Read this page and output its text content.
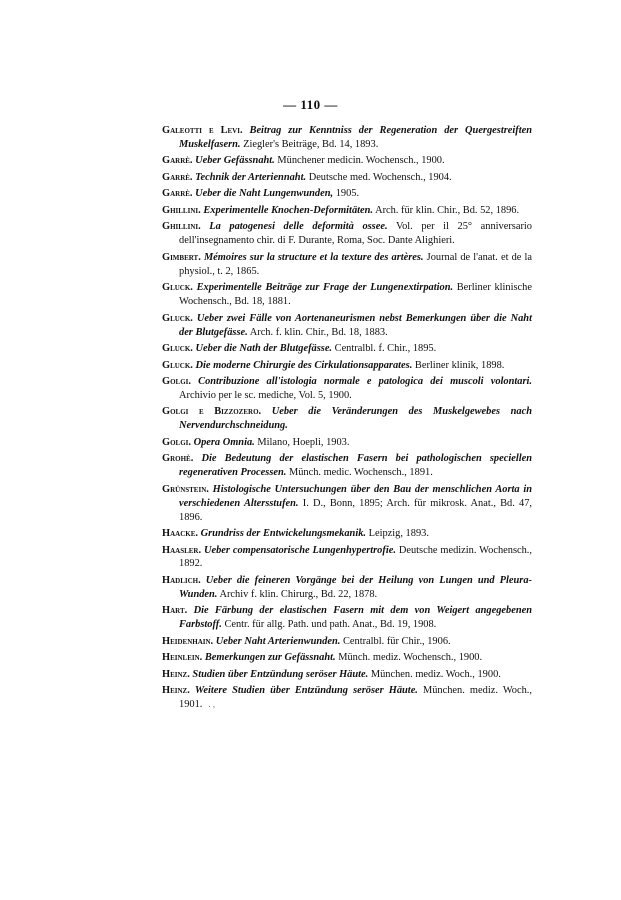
— 110 —
Galeotti e Levi. Beitrag zur Kenntniss der Regeneration der Quergestreiften Muskelfasern. Ziegler's Beiträge, Bd. 14, 1893.
Garrè. Ueber Gefässnaht. Münchener medicin. Wochensch., 1900.
Garrè. Technik der Arteriennaht. Deutsche med. Wochensch., 1904.
Garrè. Ueber die Naht Lungenwunden, 1905.
Ghillini. Experimentelle Knochen-Deformitäten. Arch. für klin. Chir., Bd. 52, 1896.
Ghillini. La patogenesi delle deformità ossee. Vol. per il 25° anniversario dell'insegnamento chir. di F. Durante, Roma, Soc. Dante Alighieri.
Gimbert. Mémoires sur la structure et la texture des artères. Journal de l'anat. et de la physiol., t. 2, 1865.
Gluck. Experimentelle Beiträge zur Frage der Lungenextirpation. Berliner klinische Wochensch., Bd. 18, 1881.
Gluck. Ueber zwei Fälle von Aortenaneurismen nebst Bemerkungen über die Naht der Blutgefässe. Arch. f. klin. Chir., Bd. 18, 1883.
Gluck. Ueber die Nath der Blutgefässe. Centralbl. f. Chir., 1895.
Gluck. Die moderne Chirurgie des Cirkulationsapparates. Berliner klinik, 1898.
Golgi. Contribuzione all'istologia normale e patologica dei muscoli volontari. Archivio per le sc. mediche, Vol. 5, 1900.
Golgi e Bizzozero. Ueber die Veränderungen des Muskelgewebes nach Nervendurchschneidung.
Golgi. Opera Omnia. Milano, Hoepli, 1903.
Grohè. Die Bedeutung der elastischen Fasern bei pathologischen speciellen regenerativen Processen. Münch. medic. Wochensch., 1891.
Grünstein. Histologische Untersuchungen über den Bau der menschlichen Aorta in verschiedenen Altersstufen. I. D., Bonn, 1895; Arch. für mikrosk. Anat., Bd. 47, 1896.
Haacke. Grundriss der Entwickelungsmekanik. Leipzig, 1893.
Haasler. Ueber compensatorische Lungenhypertrofie. Deutsche medizin. Wochensch., 1892.
Hadlich. Ueber die feineren Vorgänge bei der Heilung von Lungen und Pleura-Wunden. Archiv f. klin. Chirurg., Bd. 22, 1878.
Hart. Die Färbung der elastischen Fasern mit dem von Weigert angegebenen Farbstoff. Centr. für allg. Path. und path. Anat., Bd. 19, 1908.
Heidenhain. Ueber Naht Arterienwunden. Centralbl. für Chir., 1906.
Heinlein. Bemerkungen zur Gefässnaht. Münch. mediz. Wochensch., 1900.
Heinz. Studien über Entzündung seröser Häute. München. mediz. Woch., 1900.
Heinz. Weitere Studien über Entzündung seröser Häute. München. mediz. Woch., 1901. . ,
